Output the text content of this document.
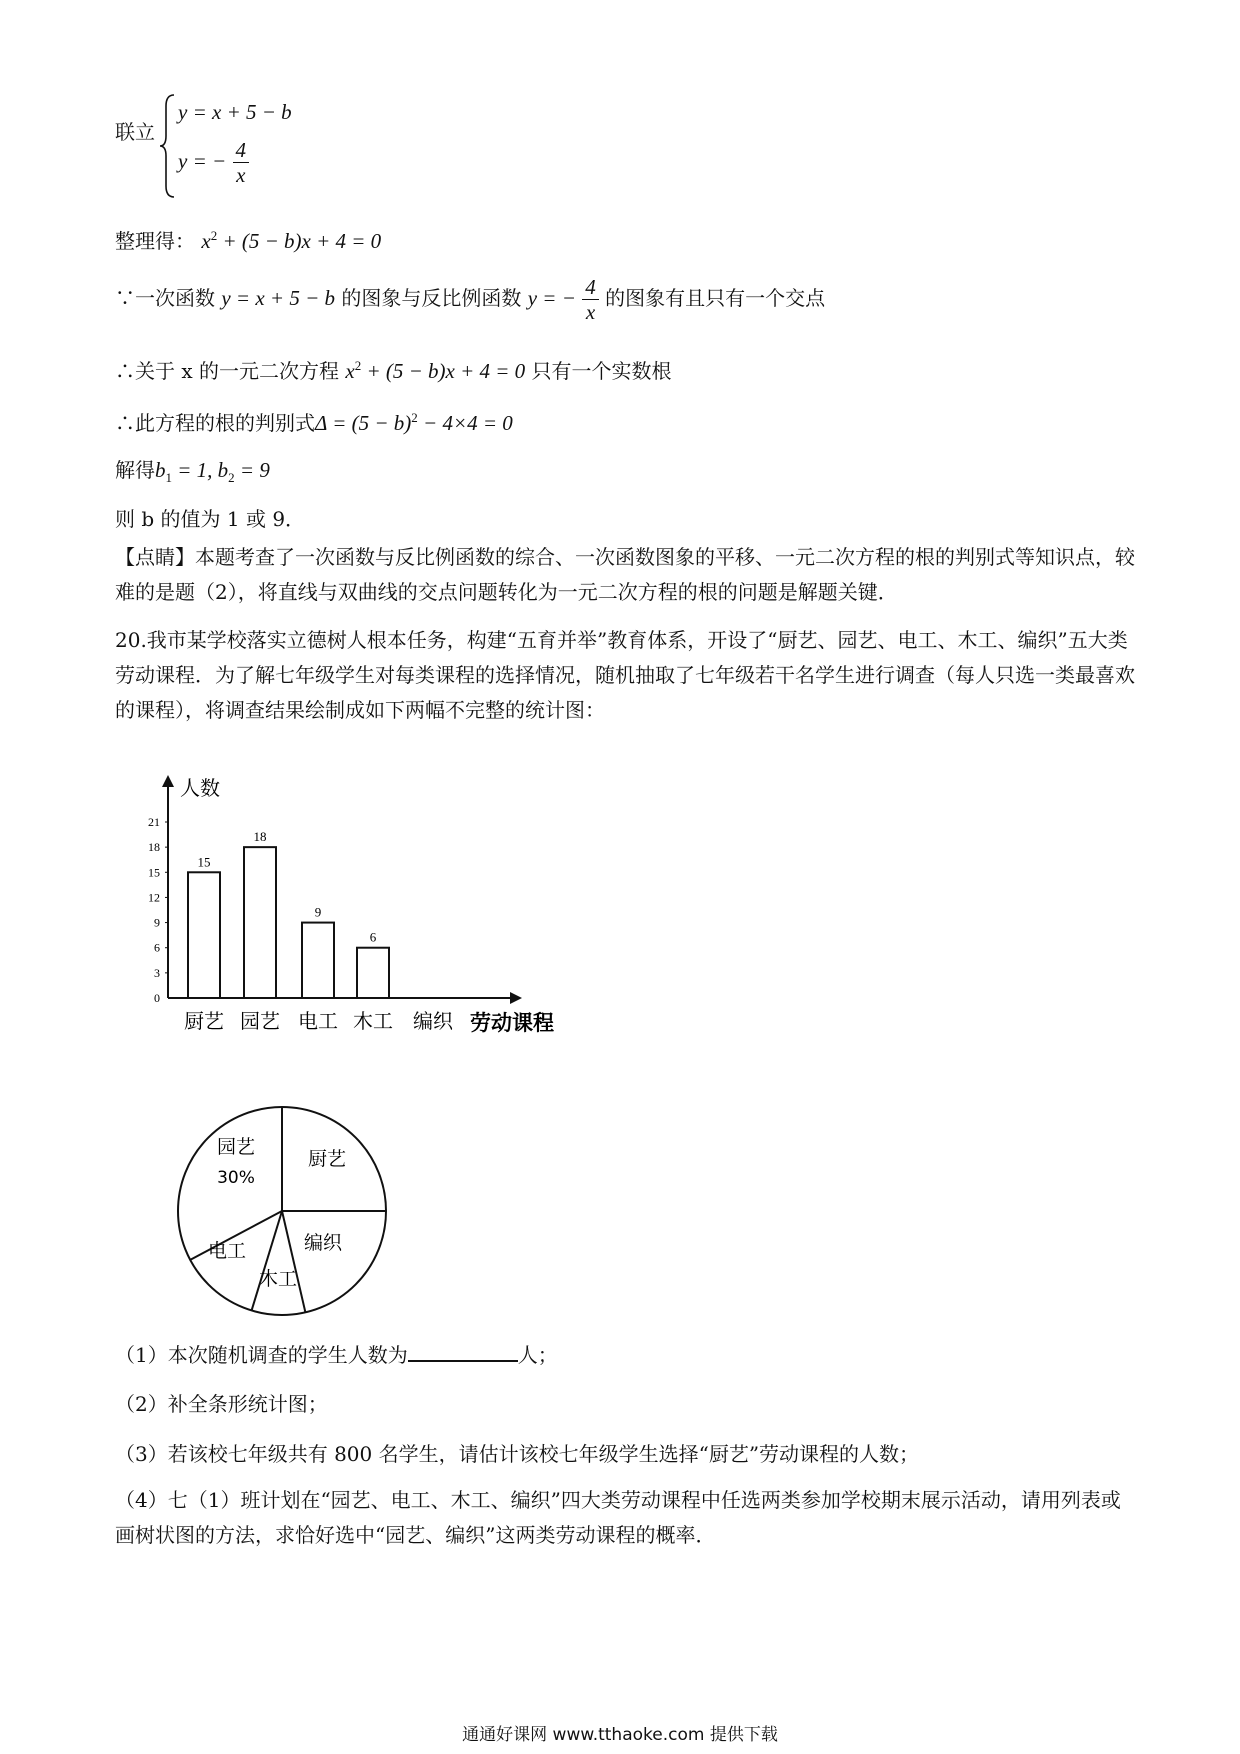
联立
y = x + 5 − b
y = − $\frac{4}{x}$
整理得： $x^2 + (5 - b)x + 4 = 0$
∵一次函数 y = x + 5 − b 的图象与反比例函数 y = − $\frac{4}{x}$ 的图象有且只有一个交点
∴关于 x 的一元二次方程 $x^2 + (5 - b)x + 4 = 0$ 只有一个实数根
∴此方程的根的判别式$\Delta = (5 - b)^2 - 4\times 4 = 0$
解得$b_1 = 1$, $b_2 = 9$
则 b 的值为 1 或 9．
【点睛】本题考查了一次函数与反比例函数的综合、一次函数图象的平移、一元二次方程的根的判别式等知识点，较难的是题（2），将直线与双曲线的交点问题转化为一元二次方程的根的问题是解题关键．
20.我市某学校落实立德树人根本任务，构建“五育并举”教育体系，开设了“厨艺、园艺、电工、木工、编织”五大类劳动课程．为了解七年级学生对每类课程的选择情况，随机抽取了七年级若干名学生进行调查（每人只选一类最喜欢的课程），将调查结果绘制成如下两幅不完整的统计图：
人数
0
3
6
9
12
15
18
21
15
厨艺
18
园艺
9
电工
6
木工 编织 劳动课程
园艺
厨艺
编织
木工
电工
30%
（1）本次随机调查的学生人数为	人；
（2）补全条形统计图；
（3）若该校七年级共有 800 名学生，请估计该校七年级学生选择“厨艺”劳动课程的人数；
（4）七（1）班计划在“园艺、电工、木工、编织”四大类劳动课程中任选两类参加学校期末展示活动，请用列表或画树状图的方法，求恰好选中“园艺、编织”这两类劳动课程的概率．
通通好课网 www.tthaoke.com 提供下载
